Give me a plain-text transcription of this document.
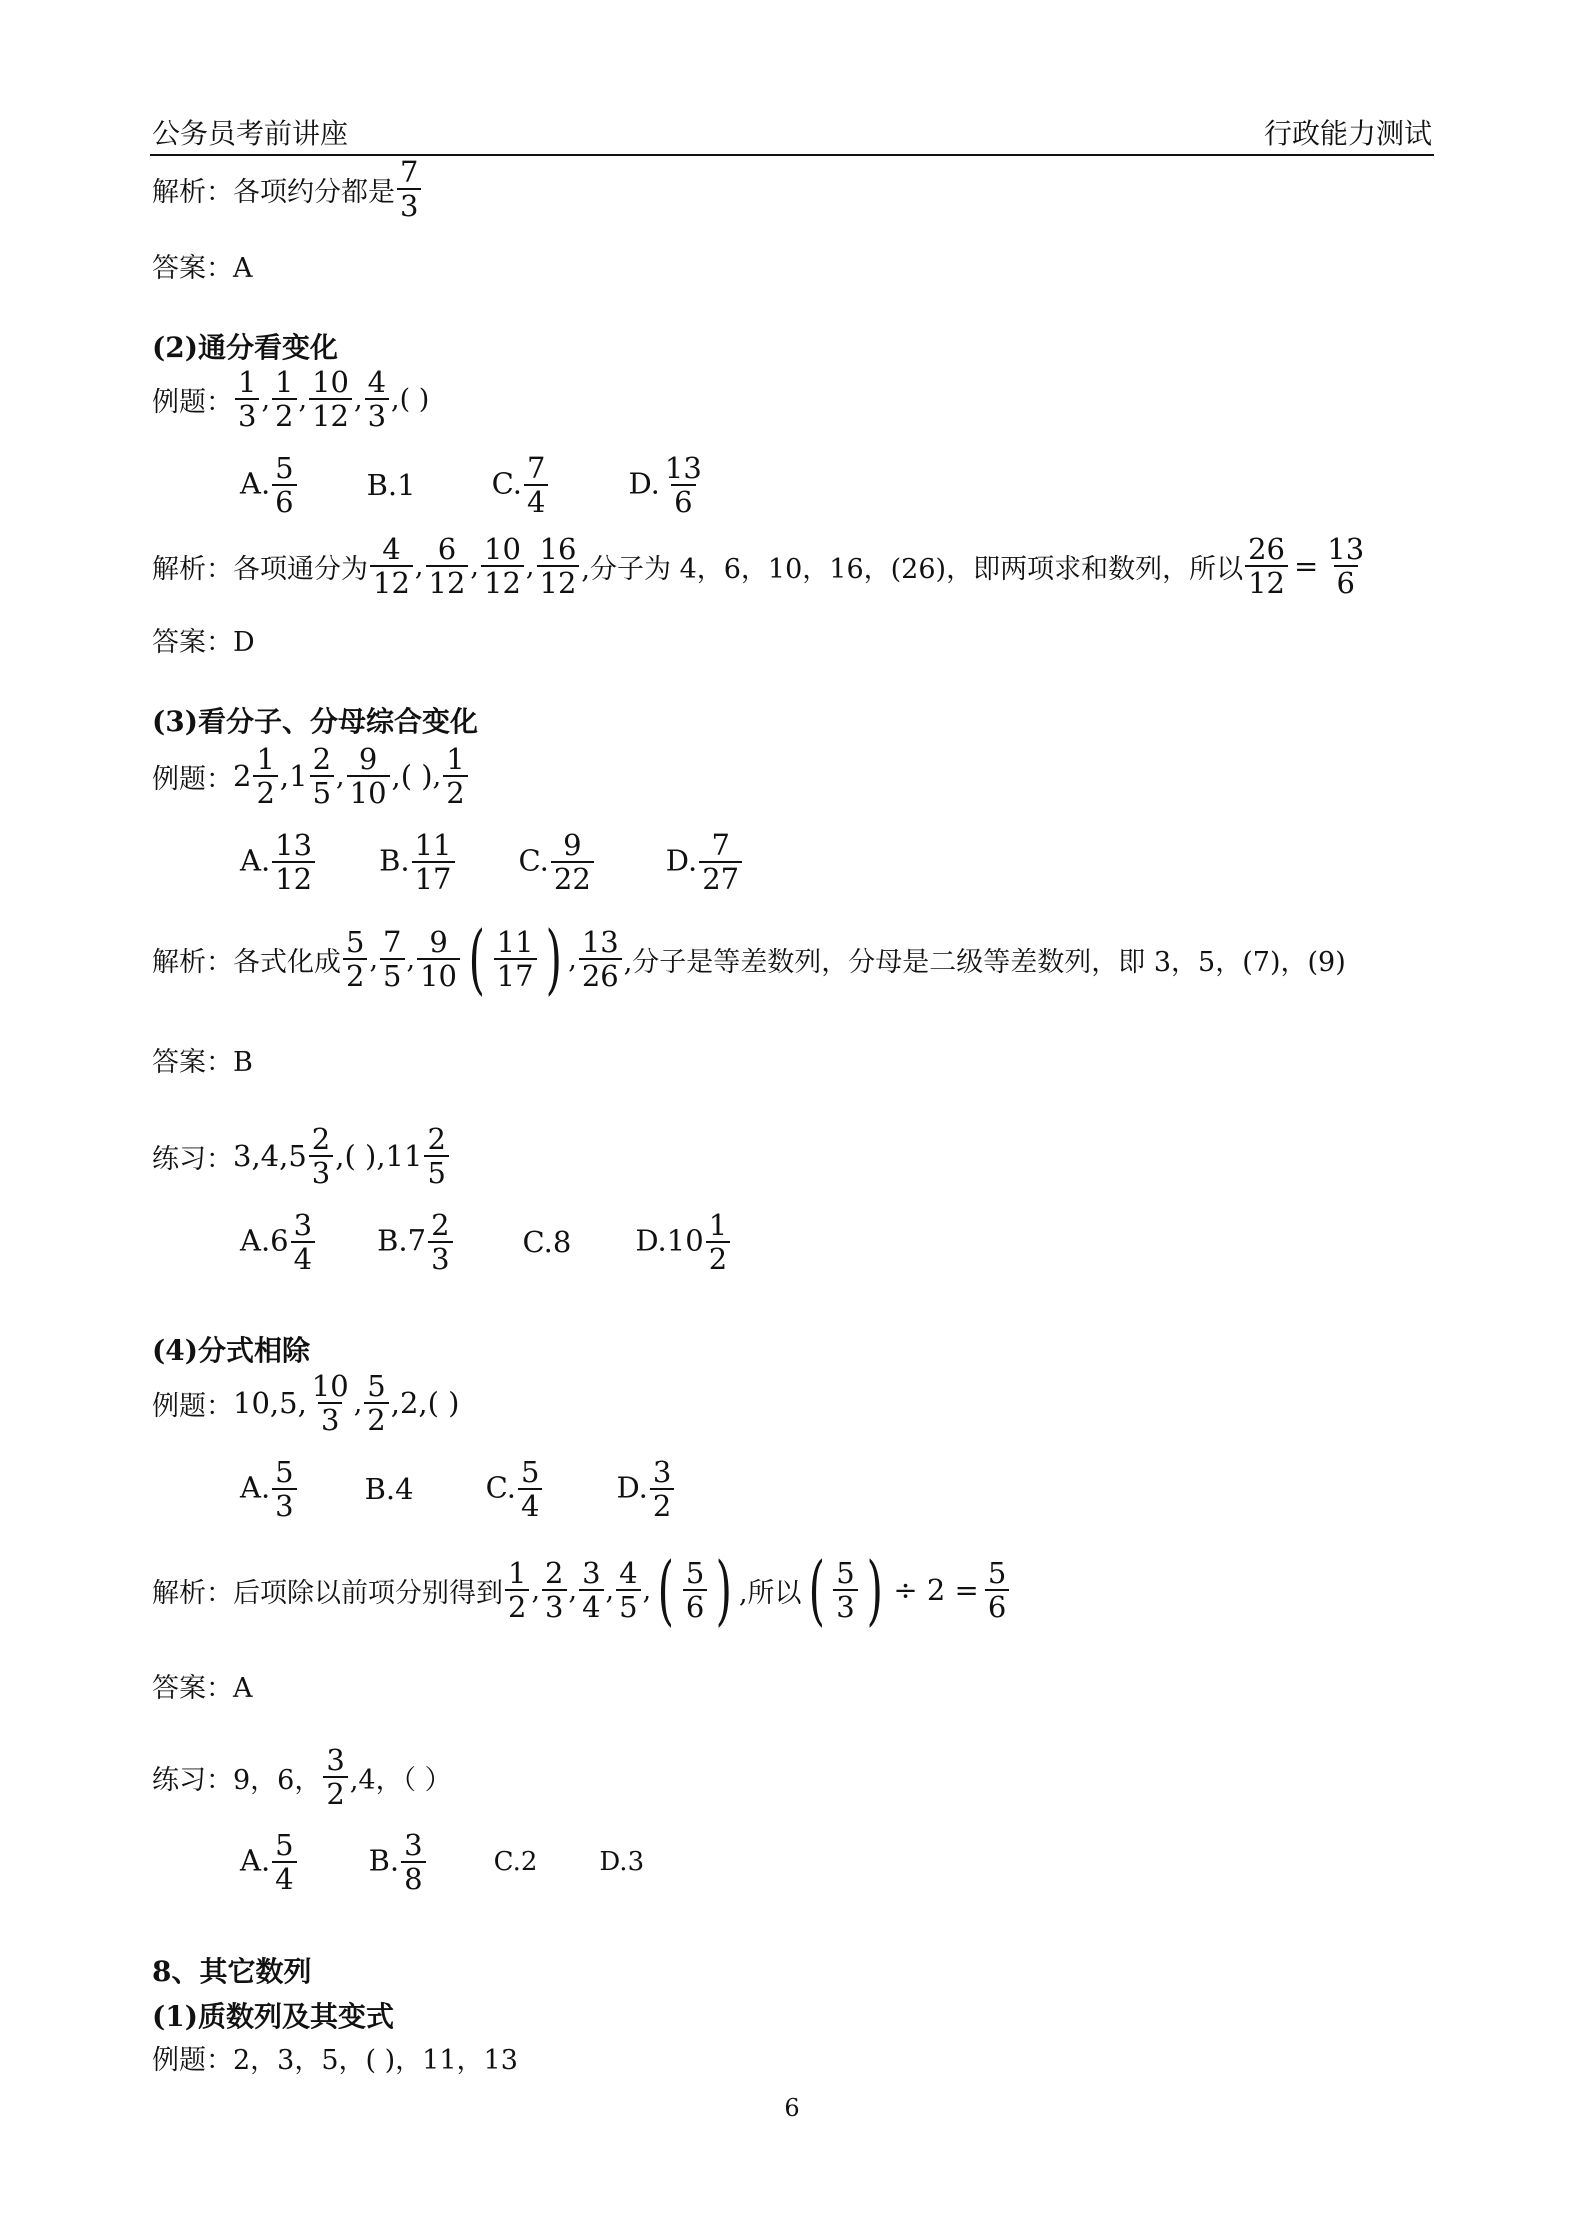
公务员考前讲座	行政能力测试
解析：各项约分都是 $\frac{7}{3}$
答案：A
(2)通分看变化
例题： $\frac{1}{3}$ , $\frac{1}{2}$ , $\frac{10}{12}$ , $\frac{4}{3}$ , ( )
A. $\frac{5}{6} B.1$	C. $\frac{7}{4}$	D. $\frac{13}{6}$
解析：各项通分为 $\frac{4}{12}$ , $\frac{6}{12}$ , $\frac{10}{12}$ , $\frac{16}{12}$ ,分子为 4，6，10，16，(26)，即两项求和数列，所以 $\frac{26}{12} = \frac{13}{6}$
答案：D
(3)看分子、分母综合变化
例题： $2 \frac{1}{2} ,1 \frac{2}{5}$ , $\frac{9}{10}$ ,( ) , $\frac{1}{2}$
A. $\frac{13}{12} B$. $\frac{11}{17} C$. $\frac{9}{22} D$. $\frac{7}{27}$
解析：各式化成 $\frac{5}{2}$ , $\frac{7}{5}$ , $\frac{9}{10}$ ( $\frac{11}{17}$ ) , $\frac{13}{26}$ ,分子是等差数列，分母是二级等差数列，即 3，5，(7)，(9)
答案：B
练习： $3,4,5 \frac{2}{3}$ ,( )$,11 \frac{2}{5}$
$A.6 \frac{3}{4} B.7 \frac{2}{3} C.8$ $D.10 \frac{1}{2}$
(4)分式相除
例题： 10,5, $\frac{10}{3}$ , $\frac{5}{2} ,2$,( )
A. $\frac{5}{3} B.4$ C. $\frac{5}{4}$	D. $\frac{3}{2}$
解析：后项除以前项分别得到 $\frac{1}{2}$ , $\frac{2}{3}$ , $\frac{3}{4}$ , $\frac{4}{5}$ , ( $\frac{5}{6}$ ) ,所以 ( $\frac{5}{3}$ ) ÷ $2 = \frac{5}{6}$
答案：A
练习： 9，6， $\frac{3}{2} ,4$，（ ）
A. $\frac{5}{4} B$. $\frac{3}{8}$	C.2 D.3
8、其它数列
(1)质数列及其变式
例题：2，3，5，( )，11，13
6
